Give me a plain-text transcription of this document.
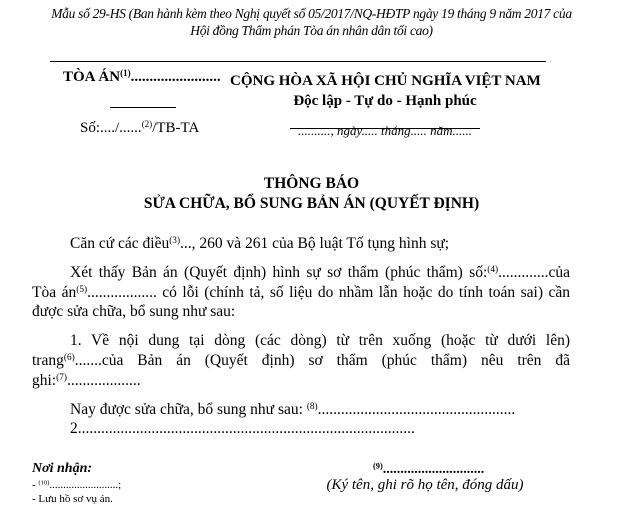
Mẫu số 29-HS (Ban hành kèm theo Nghị quyết số 05/2017/NQ-HĐTP ngày 19 tháng 9 năm 2017 của
Hội đồng Thẩm phán Tòa án nhân dân tối cao)
TÒA ÁN$^{(1)}$........................
Số:..../......$^{(2)}$/TB-TA
CỘNG HÒA XÃ HỘI CHỦ NGHĨA VIỆT NAM
Độc lập - Tự do - Hạnh phúc
.........., ngày..... tháng..... năm......
THÔNG BÁO
SỬA CHỮA, BỔ SUNG BẢN ÁN (QUYẾT ĐỊNH)
Căn cứ các điều$^{(3)}$..., 260 và 261 của Bộ luật Tố tụng hình sự;
Xét thấy Bản án (Quyết định) hình sự sơ thẩm (phúc thẩm) số:$^{(4)}$.............của
Tòa $án^{(5)}$.................. có lỗi (chính tả, số liệu do nhầm lẫn hoặc do tính toán sai) cần
được sửa chữa, bổ sung như sau:
1. Về nội dung tại dòng (các dòng) từ trên xuống (hoặc từ dưới lên)
trang$^{(6)}$.......của Bản án (Quyết định) sơ thẩm (phúc thẩm) nêu trên đã
ghi:$^{(7)}$...................
Nay được sửa chữa, bổ sung như sau: $^{(8)}$...................................................
2.......................................................................................
Nơi nhận:
- $^{(10)}$.........................;
- Lưu hồ sơ vụ án.
$^{(9)}$.............................
(Ký tên, ghi rõ họ tên, đóng dấu)
